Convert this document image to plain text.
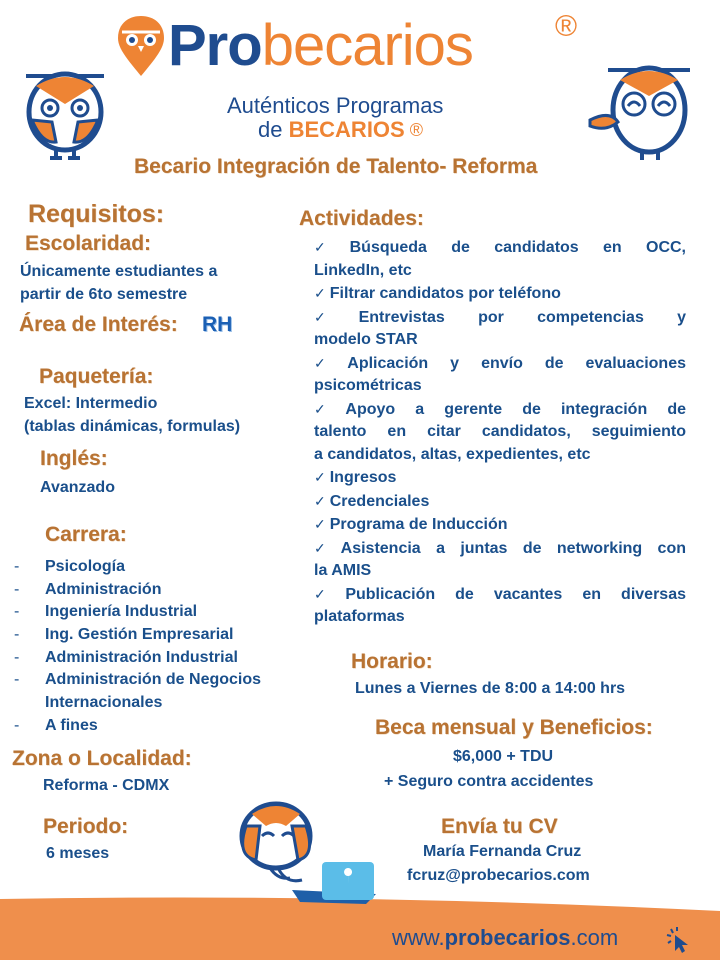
Probecarios	®
Auténticos Programas
de BECARIOS ®
Becario Integración de Talento- Reforma
Requisitos:
Escolaridad:
Únicamente estudiantes a
partir de 6to semestre
Área de Interés: RH
Paquetería:
Excel: Intermedio
(tablas dinámicas, formulas)
Inglés:
Avanzado
Carrera:
- Psicología
- Administración
- Ingeniería Industrial
- Ing. Gestión Empresarial
- Administración Industrial
- Administración de Negocios
Internacionales
- A fines
Zona o Localidad:
Reforma - CDMX
Periodo:
6 meses
Actividades:
✓ Búsqueda de candidatos en OCC,
LinkedIn, etc
✓ Filtrar candidatos por teléfono
✓ Entrevistas por competencias y
modelo STAR
✓ Aplicación y envío de evaluaciones
psicométricas
✓ Apoyo a gerente de integración de
talento en citar candidatos, seguimiento
a candidatos, altas, expedientes, etc
✓ Ingresos
✓ Credenciales
✓ Programa de Inducción
✓ Asistencia a juntas de networking con
la AMIS
✓ Publicación de vacantes en diversas
plataformas
Horario:
Lunes a Viernes de 8:00 a 14:00 hrs
Beca mensual y Beneficios:
$6,000 + TDU
+ Seguro contra accidentes
Envía tu CV
María Fernanda Cruz
fcruz@probecarios.com
www.probecarios.com
